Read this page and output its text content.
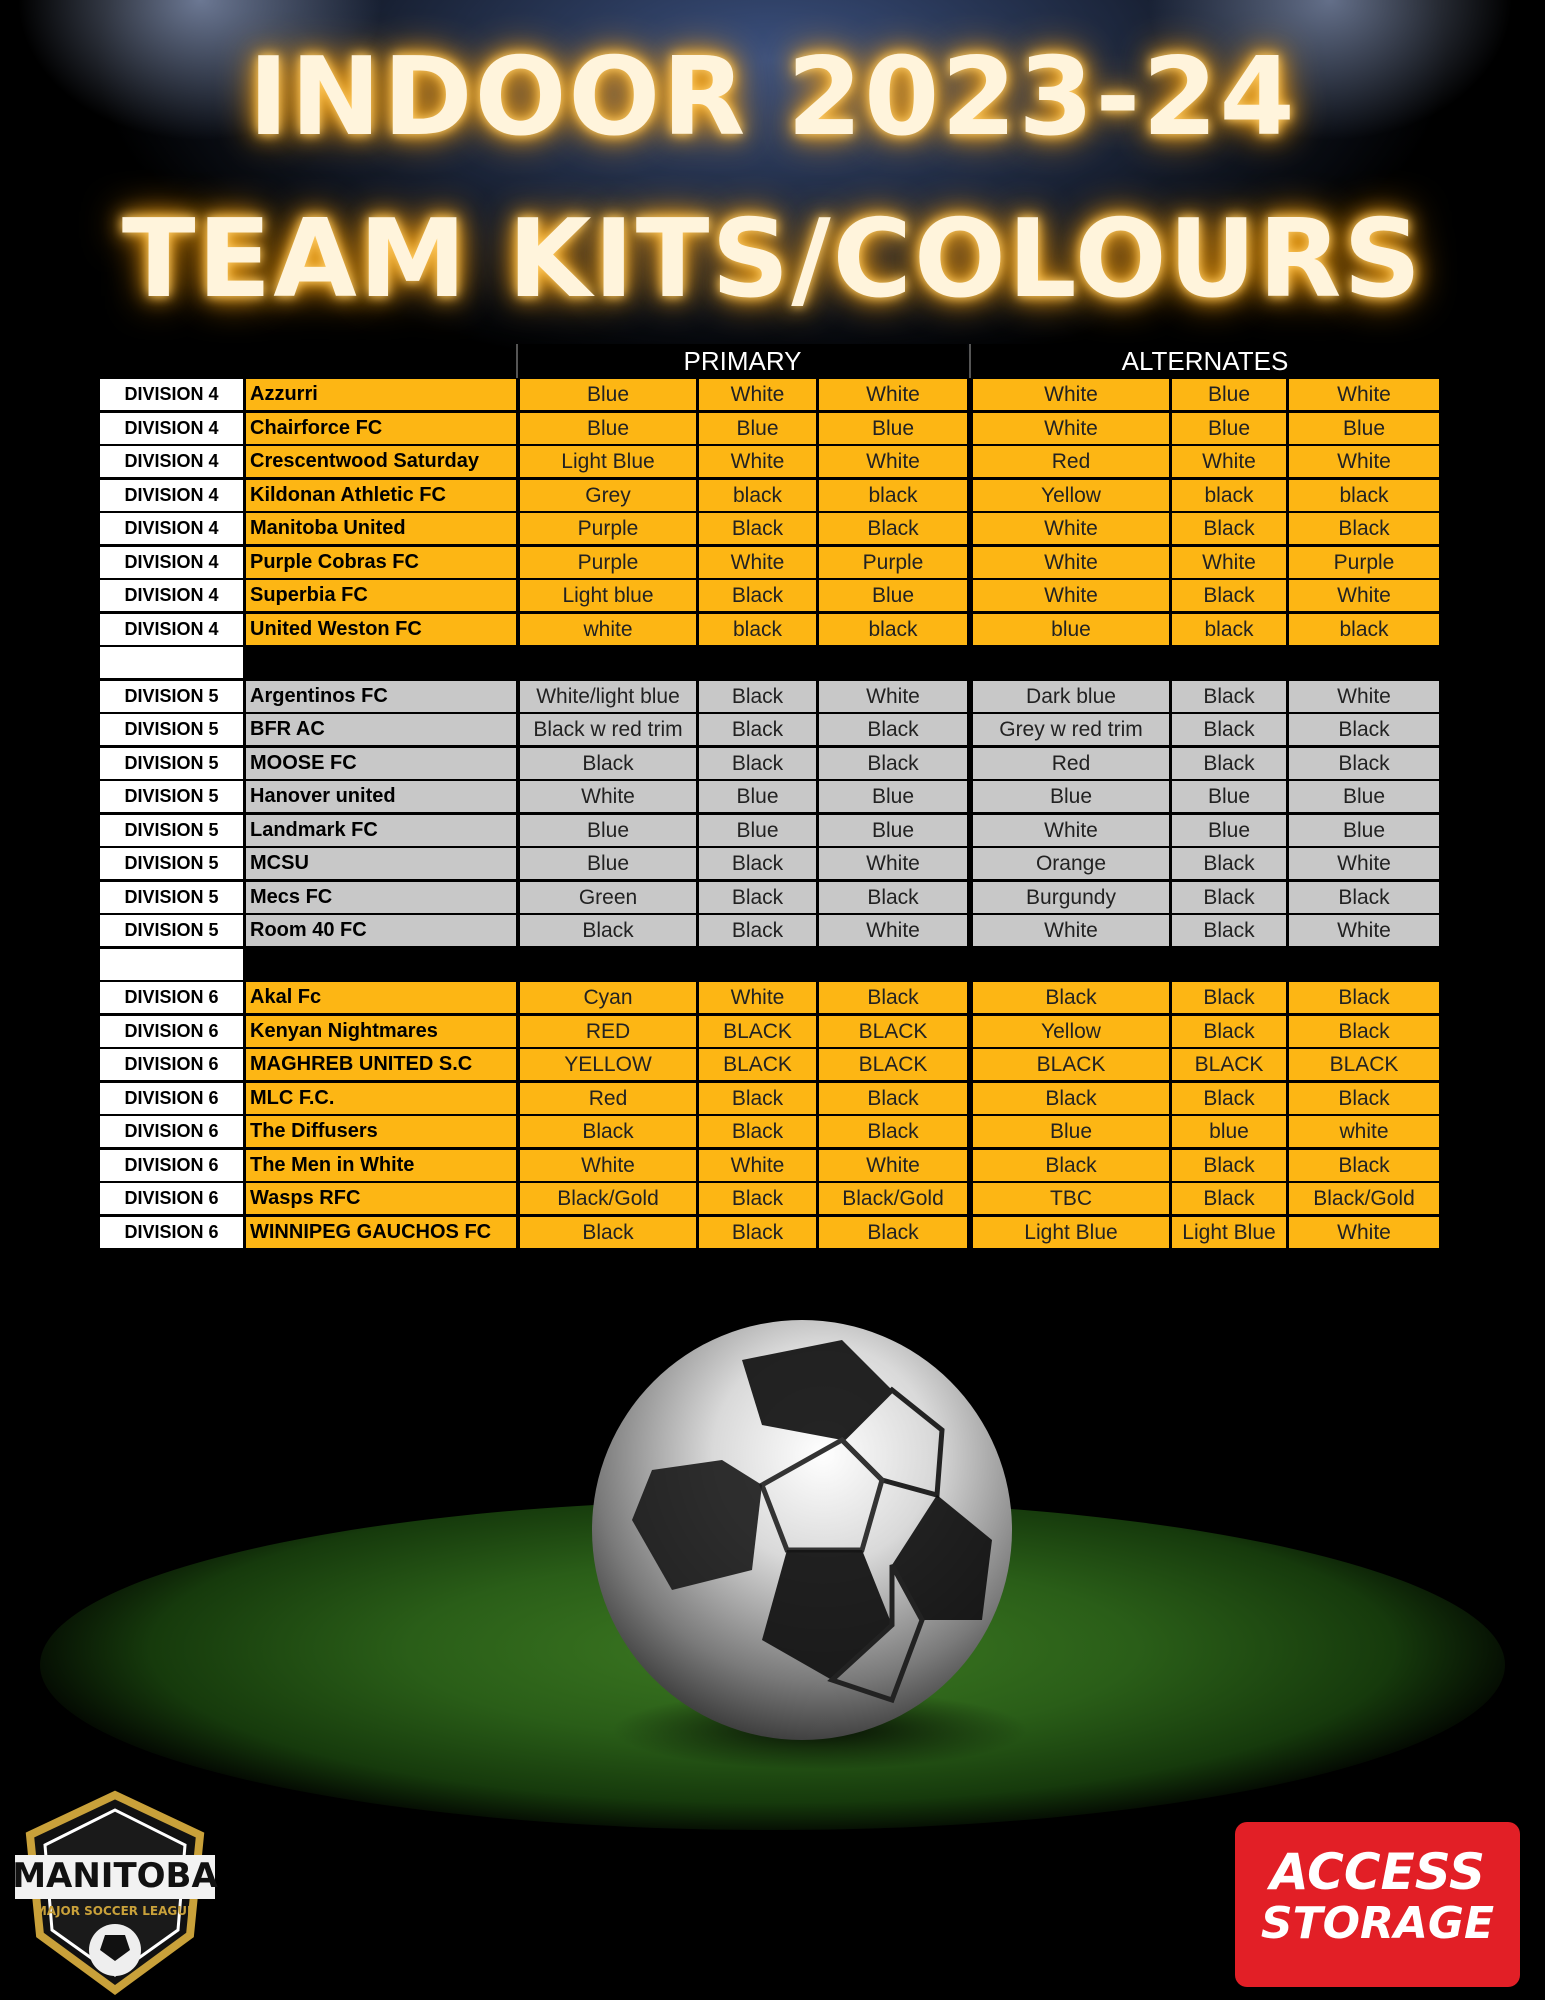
INDOOR 2023-24
TEAM KITS/COLOURS
PRIMARY	ALTERNATES
DIVISION 4	Azzurri	Blue	White	White	White	Blue	White
DIVISION 4	Chairforce FC	Blue	Blue	Blue	White	Blue	Blue
DIVISION 4	Crescentwood Saturday	Light Blue	White	White	Red	White	White
DIVISION 4	Kildonan Athletic FC	Grey	black	black	Yellow	black	black
DIVISION 4	Manitoba United	Purple	Black	Black	White	Black	Black
DIVISION 4	Purple Cobras FC	Purple	White	Purple	White	White	Purple
DIVISION 4	Superbia FC	Light blue	Black	Blue	White	Black	White
DIVISION 4	United Weston FC	white	black	black	blue	black	black
DIVISION 5	Argentinos FC	White/light blue	Black	White	Dark blue	Black	White
DIVISION 5	BFR AC	Black w red trim	Black	Black	Grey w red trim	Black	Black
DIVISION 5	MOOSE FC	Black	Black	Black	Red	Black	Black
DIVISION 5	Hanover united	White	Blue	Blue	Blue	Blue	Blue
DIVISION 5	Landmark FC	Blue	Blue	Blue	White	Blue	Blue
DIVISION 5	MCSU	Blue	Black	White	Orange	Black	White
DIVISION 5	Mecs FC	Green	Black	Black	Burgundy	Black	Black
DIVISION 5	Room 40 FC	Black	Black	White	White	Black	White
DIVISION 6	Akal Fc	Cyan	White	Black	Black	Black	Black
DIVISION 6	Kenyan Nightmares	RED	BLACK	BLACK	Yellow	Black	Black
DIVISION 6	MAGHREB UNITED S.C	YELLOW	BLACK	BLACK	BLACK	BLACK	BLACK
DIVISION 6	MLC F.C.	Red	Black	Black	Black	Black	Black
DIVISION 6	The Diffusers	Black	Black	Black	Blue	blue	white
DIVISION 6	The Men in White	White	White	White	Black	Black	Black
DIVISION 6	Wasps RFC	Black/Gold	Black	Black/Gold	TBC	Black	Black/Gold
DIVISION 6	WINNIPEG GAUCHOS FC	Black	Black	Black	Light Blue	Light Blue	White
MANITOBA
MAJOR SOCCER LEAGUE
ACCESS
STORAGE
